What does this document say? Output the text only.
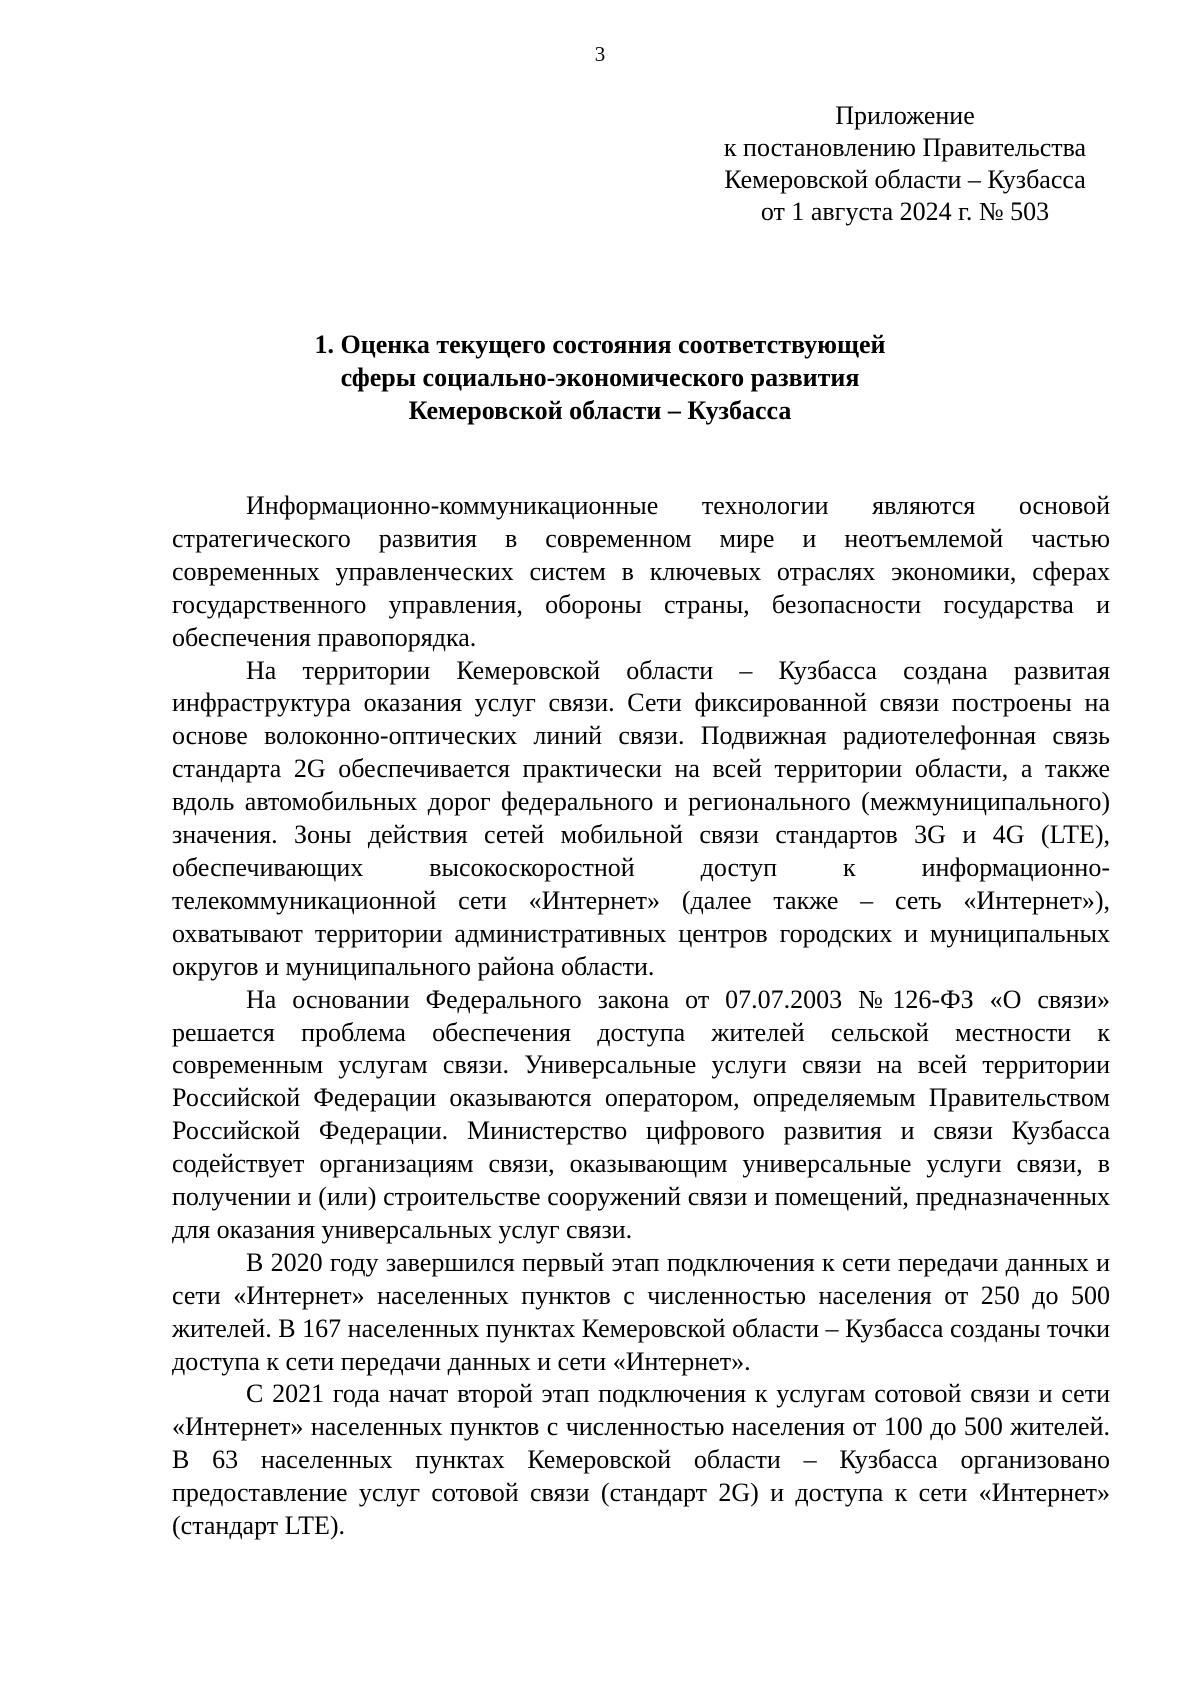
3
Приложение
к постановлению Правительства
Кемеровской области – Кузбасса
от 1 августа 2024 г. № 503
1. Оценка текущего состояния соответствующей
сферы социально-экономического развития
Кемеровской области – Кузбасса

Информационно-коммуникационные технологии являются основой стратегического развития в современном мире и неотъемлемой частью современных управленческих систем в ключевых отраслях экономики, сферах государственного управления, обороны страны, безопасности государства и обеспечения правопорядка.

На территории Кемеровской области – Кузбасса создана развитая инфраструктура оказания услуг связи. Сети фиксированной связи построены на основе волоконно-оптических линий связи. Подвижная радиотелефонная связь стандарта 2G обеспечивается практически на всей территории области, а также вдоль автомобильных дорог федерального и регионального (межмуниципального) значения. Зоны действия сетей мобильной связи стандартов 3G и 4G (LTE), обеспечивающих высокоскоростной доступ к информационно-телекоммуникационной сети «Интернет» (далее также – сеть «Интернет»), охватывают территории административных центров городских и муниципальных округов и муниципального района области.

На основании Федерального закона от 07.07.2003 №126-ФЗ «О связи» решается проблема обеспечения доступа жителей сельской местности к современным услугам связи. Универсальные услуги связи на всей территории Российской Федерации оказываются оператором, определяемым Правительством Российской Федерации. Министерство цифрового развития и связи Кузбасса содействует организациям связи, оказывающим универсальные услуги связи, в получении и (или) строительстве сооружений связи и помещений, предназначенных для оказания универсальных услуг связи.

В 2020 году завершился первый этап подключения к сети передачи данных и сети «Интернет» населенных пунктов с численностью населения от 250 до 500 жителей. В 167 населенных пунктах Кемеровской области – Кузбасса созданы точки доступа к сети передачи данных и сети «Интернет».

С 2021 года начат второй этап подключения к услугам сотовой связи и сети «Интернет» населенных пунктов с численностью населения от 100 до 500 жителей. В 63 населенных пунктах Кемеровской области – Кузбасса организовано предоставление услуг сотовой связи (стандарт 2G) и доступа к сети «Интернет» (стандарт LTE).
